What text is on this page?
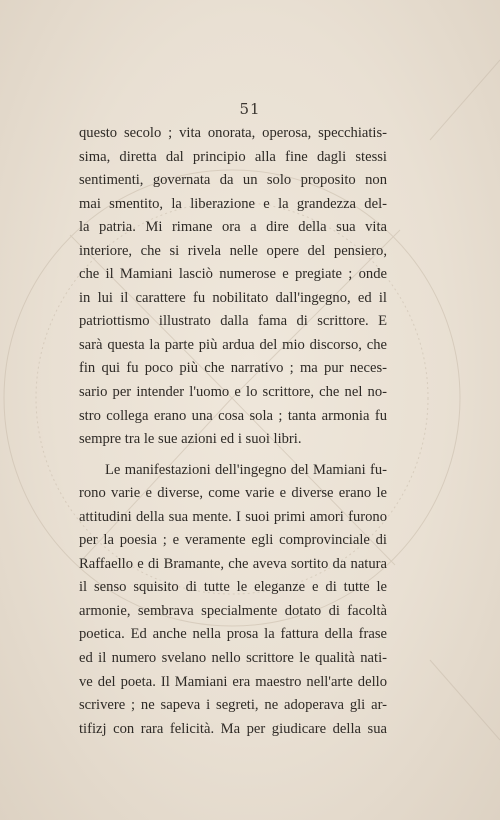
51
questo secolo ; vita onorata, operosa, specchiatis-
sima, diretta dal principio alla fine dagli stessi
sentimenti, governata da un solo proposito non
mai smentito, la liberazione e la grandezza del-
la patria. Mi rimane ora a dire della sua vita
interiore, che si rivela nelle opere del pensiero,
che il Mamiani lasciò numerose e pregiate ; onde
in lui il carattere fu nobilitato dall'ingegno, ed il
patriottismo illustrato dalla fama di scrittore. E
sarà questa la parte più ardua del mio discorso, che
fin qui fu poco più che narrativo ; ma pur neces-
sario per intender l'uomo e lo scrittore, che nel no-
stro collega erano una cosa sola ; tanta armonia fu
sempre tra le sue azioni ed i suoi libri.
Le manifestazioni dell'ingegno del Mamiani fu-
rono varie e diverse, come varie e diverse erano le
attitudini della sua mente. I suoi primi amori furono
per la poesia ; e veramente egli comprovinciale di
Raffaello e di Bramante, che aveva sortito da natura
il senso squisito di tutte le eleganze e di tutte le
armonie, sembrava specialmente dotato di facoltà
poetica. Ed anche nella prosa la fattura della frase
ed il numero svelano nello scrittore le qualità nati-
ve del poeta. Il Mamiani era maestro nell'arte dello
scrivere ; ne sapeva i segreti, ne adoperava gli ar-
tifizj con rara felicità. Ma per giudicare della sua
